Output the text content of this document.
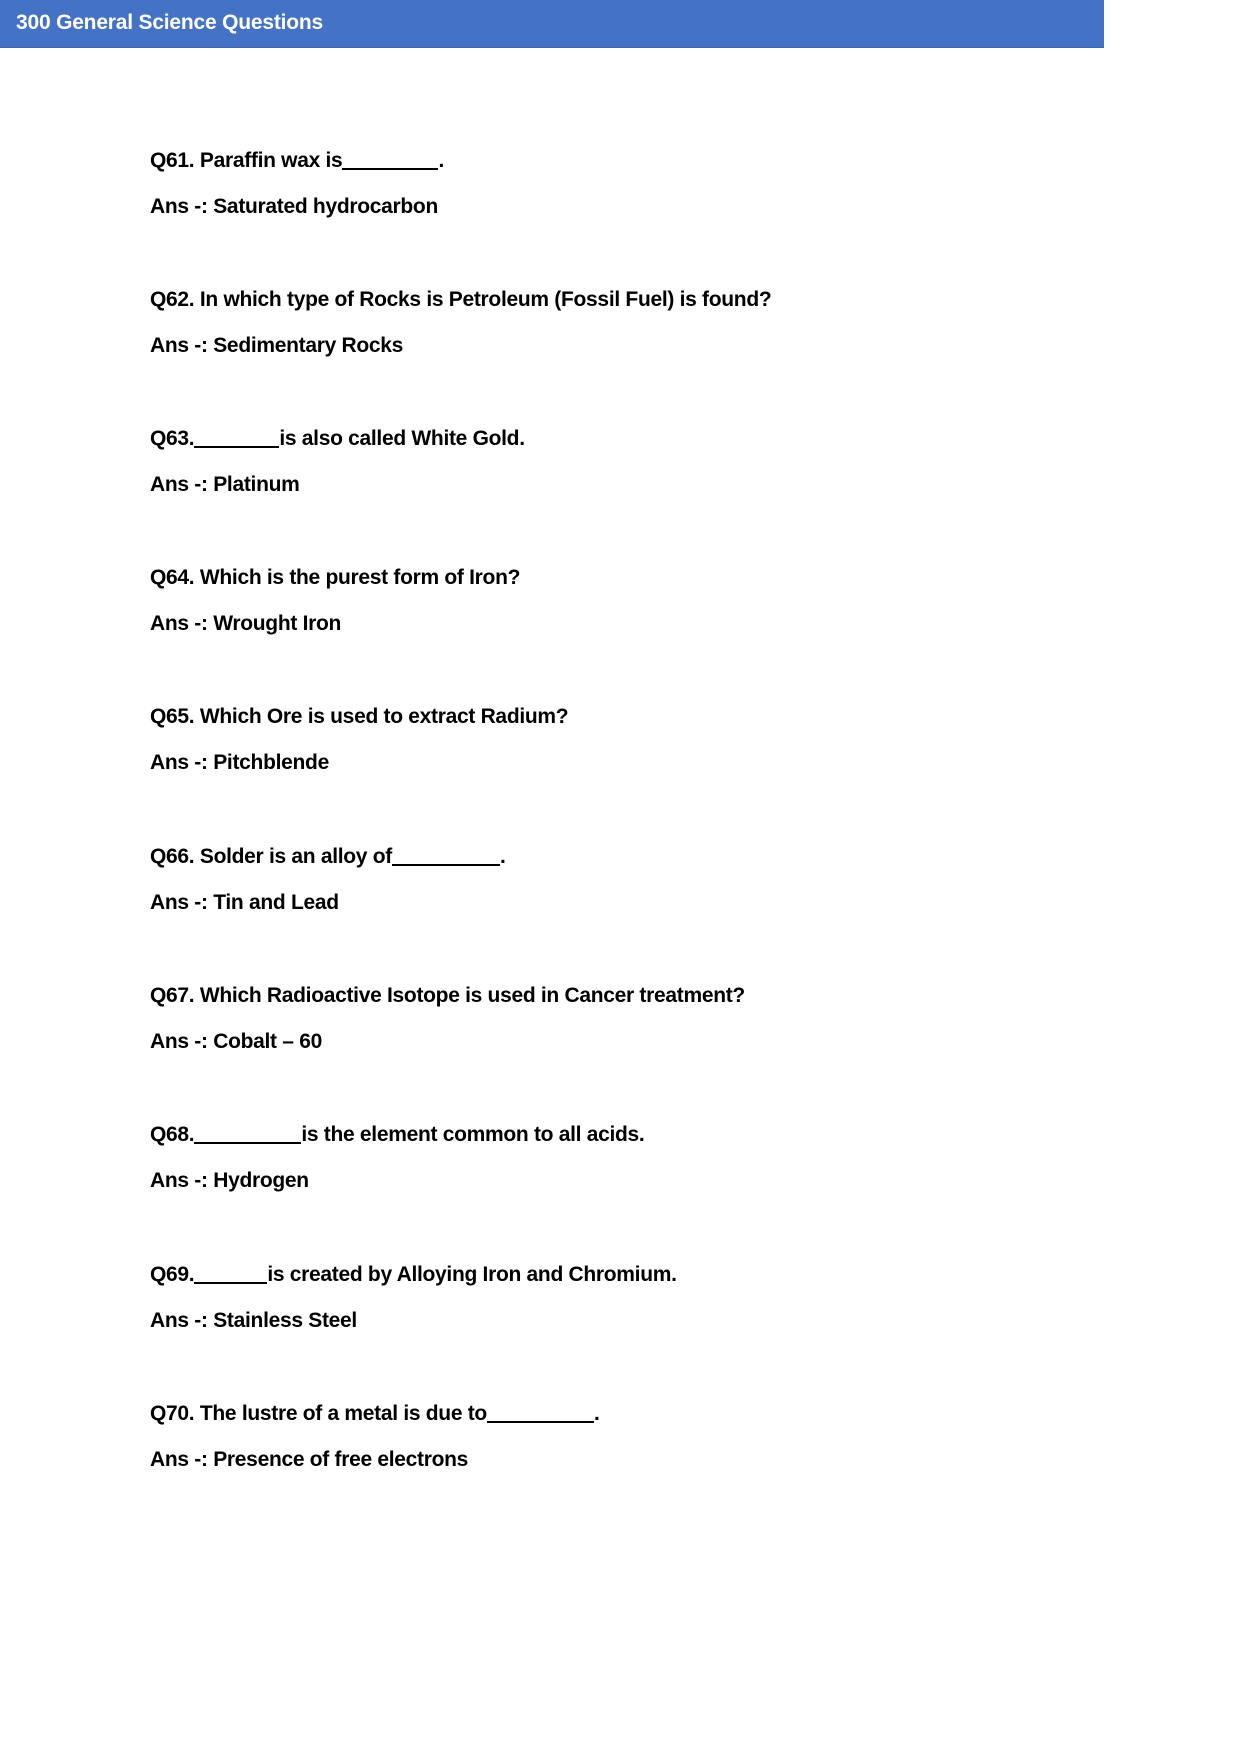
300 General Science Questions
Q61. Paraffin wax is	.
Ans -: Saturated hydrocarbon
Q62. In which type of Rocks is Petroleum (Fossil Fuel) is found?
Ans -: Sedimentary Rocks
Q63.	is also called White Gold.
Ans -: Platinum
Q64. Which is the purest form of Iron?
Ans -: Wrought Iron
Q65. Which Ore is used to extract Radium?
Ans -: Pitchblende
Q66. Solder is an alloy of	.
Ans -: Tin and Lead
Q67. Which Radioactive Isotope is used in Cancer treatment?
Ans -: Cobalt – 60
Q68.	is the element common to all acids.
Ans -: Hydrogen
Q69.	is created by Alloying Iron and Chromium.
Ans -: Stainless Steel
Q70. The lustre of a metal is due to	.
Ans -: Presence of free electrons
